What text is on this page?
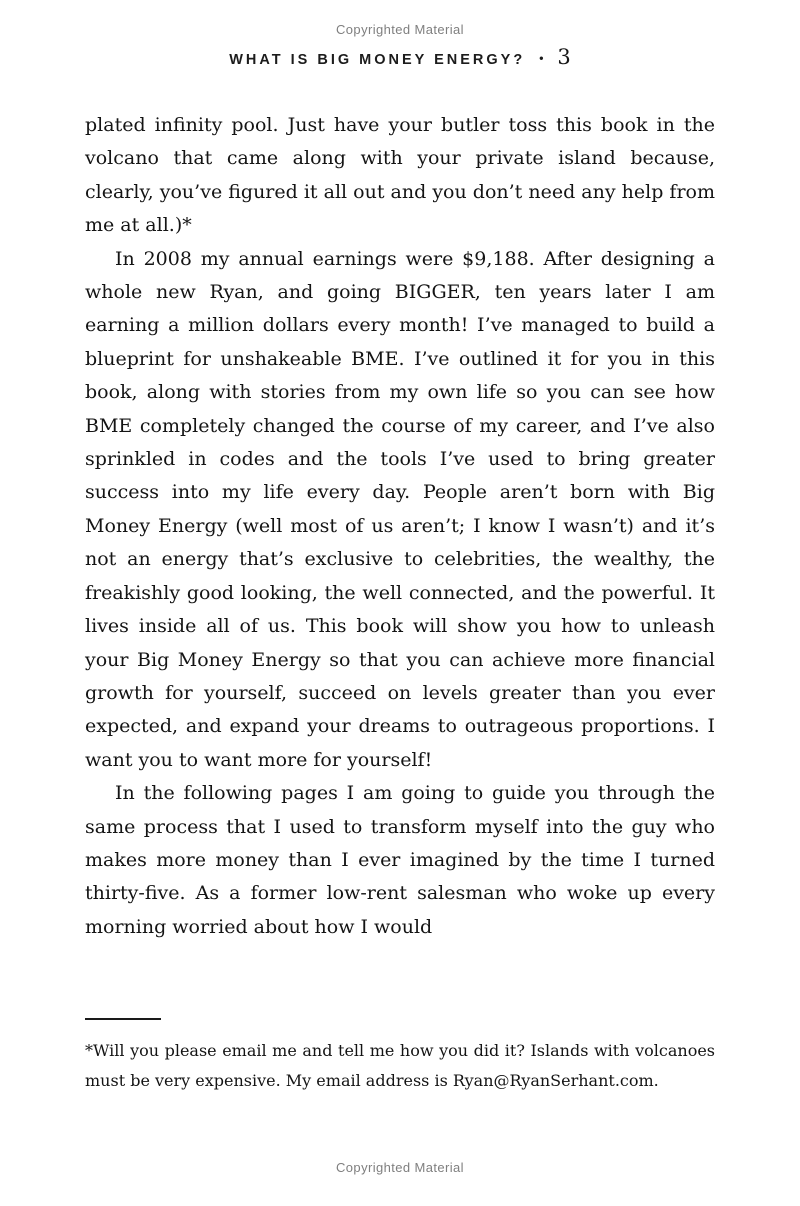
Copyrighted Material
WHAT IS BIG MONEY ENERGY? • 3

plated infinity pool. Just have your butler toss this book in the volcano that came along with your private island because, clearly, you’ve figured it all out and you don’t need any help from me at all.)*

In 2008 my annual earnings were $9,188. After designing a whole new Ryan, and going BIGGER, ten years later I am earning a million dollars every month! I’ve managed to build a blueprint for unshakeable BME. I’ve outlined it for you in this book, along with stories from my own life so you can see how BME completely changed the course of my career, and I’ve also sprinkled in codes and the tools I’ve used to bring greater success into my life every day. People aren’t born with Big Money Energy (well most of us aren’t; I know I wasn’t) and it’s not an energy that’s exclusive to celebrities, the wealthy, the freakishly good looking, the well connected, and the powerful. It lives inside all of us. This book will show you how to unleash your Big Money Energy so that you can achieve more financial growth for yourself, succeed on levels greater than you ever expected, and expand your dreams to outrageous proportions. I want you to want more for yourself!

In the following pages I am going to guide you through the same process that I used to transform myself into the guy who makes more money than I ever imagined by the time I turned thirty-five. As a former low-rent salesman who woke up every morning worried about how I would

*Will you please email me and tell me how you did it? Islands with volcanoes must be very expensive. My email address is Ryan@RyanSerhant.com.
Copyrighted Material
